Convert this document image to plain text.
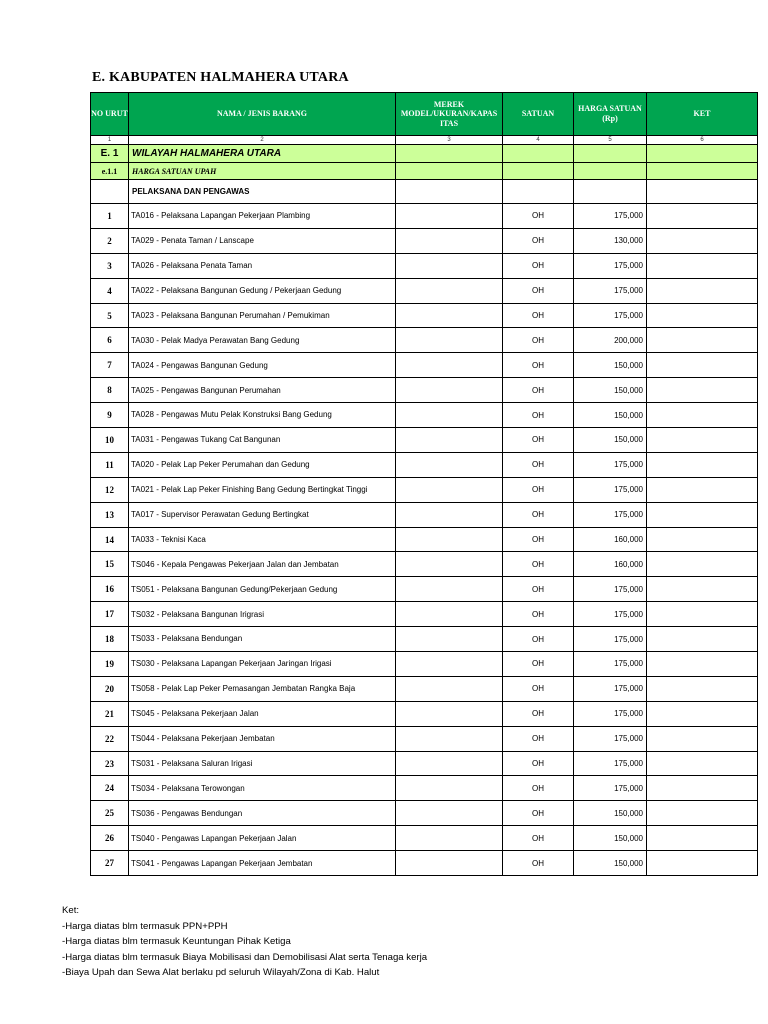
E. KABUPATEN HALMAHERA UTARA
NO URUT	NAMA / JENIS BARANG	MEREK MODEL/UKURAN/KAPAS ITAS	SATUAN	HARGA SATUAN (Rp)	KET
1	2	3	4	5	6
E. 1	WILAYAH HALMAHERA UTARA				
e.1.1	HARGA SATUAN UPAH				
	PELAKSANA DAN PENGAWAS				
1	TA016 - Pelaksana Lapangan Pekerjaan Plambing		OH	175,000	
2	TA029 - Penata Taman / Lanscape		OH	130,000	
3	TA026 - Pelaksana Penata Taman		OH	175,000	
4	TA022 - Pelaksana Bangunan Gedung / Pekerjaan Gedung		OH	175,000	
5	TA023 - Pelaksana Bangunan Perumahan / Pemukiman		OH	175,000	
6	TA030 - Pelak Madya Perawatan Bang Gedung		OH	200,000	
7	TA024 - Pengawas Bangunan Gedung		OH	150,000	
8	TA025 - Pengawas Bangunan Perumahan		OH	150,000	
9	TA028 - Pengawas Mutu Pelak Konstruksi Bang Gedung		OH	150,000	
10	TA031 - Pengawas Tukang Cat Bangunan		OH	150,000	
11	TA020 - Pelak Lap Peker Perumahan dan Gedung		OH	175,000	
12	TA021 - Pelak Lap Peker Finishing Bang Gedung Bertingkat Tinggi		OH	175,000	
13	TA017 - Supervisor Perawatan Gedung Bertingkat		OH	175,000	
14	TA033 - Teknisi Kaca		OH	160,000	
15	TS046 - Kepala Pengawas Pekerjaan Jalan dan Jembatan		OH	160,000	
16	TS051 - Pelaksana Bangunan Gedung/Pekerjaan Gedung		OH	175,000	
17	TS032 - Pelaksana Bangunan Irigrasi		OH	175,000	
18	TS033 - Pelaksana Bendungan		OH	175,000	
19	TS030 - Pelaksana Lapangan Pekerjaan Jaringan Irigasi		OH	175,000	
20	TS058 - Pelak Lap Peker Pemasangan Jembatan Rangka Baja		OH	175,000	
21	TS045 - Pelaksana Pekerjaan Jalan		OH	175,000	
22	TS044 - Pelaksana Pekerjaan Jembatan		OH	175,000	
23	TS031 - Pelaksana Saluran Irigasi		OH	175,000	
24	TS034 - Pelaksana Terowongan		OH	175,000	
25	TS036 - Pengawas Bendungan		OH	150,000	
26	TS040 - Pengawas Lapangan Pekerjaan Jalan		OH	150,000	
27	TS041 - Pengawas Lapangan Pekerjaan Jembatan		OH	150,000	
Ket:
-Harga diatas blm termasuk PPN+PPH
-Harga diatas blm termasuk Keuntungan Pihak Ketiga
-Harga diatas blm termasuk Biaya Mobilisasi dan Demobilisasi Alat serta Tenaga kerja
-Biaya Upah dan Sewa Alat berlaku pd seluruh Wilayah/Zona di Kab. Halut
